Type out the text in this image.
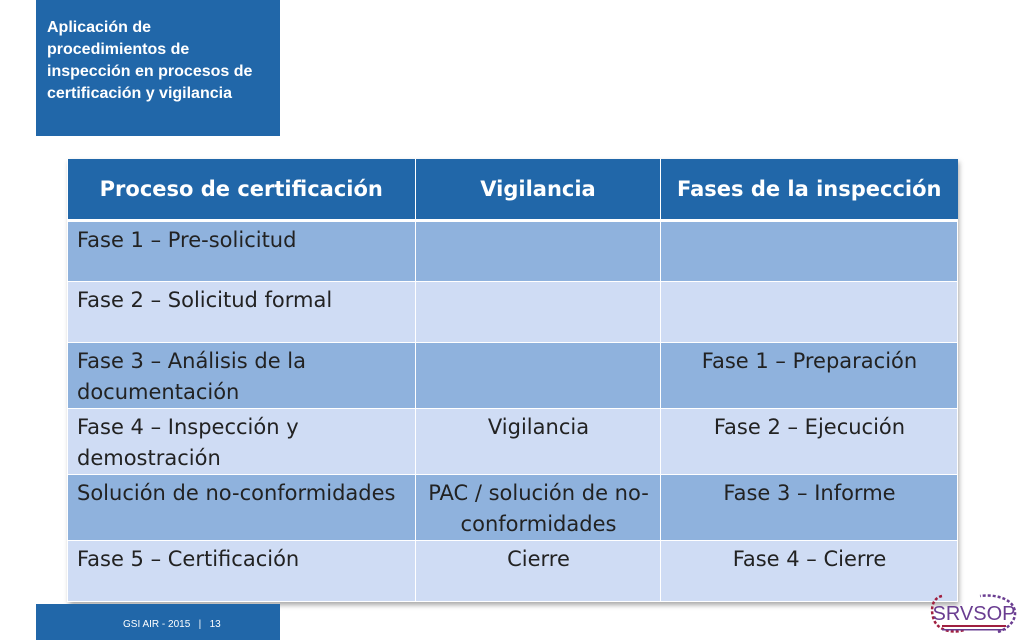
Aplicación de procedimientos de inspección en procesos de certificación y vigilancia
Proceso de certificación	Vigilancia	Fases de la inspección
Fase 1 – Pre-solicitud		
Fase 2 – Solicitud formal		
Fase 3 – Análisis de la documentación		Fase 1 – Preparación
Fase 4 – Inspección y demostración	Vigilancia	Fase 2 – Ejecución
Solución de no-conformidades	PAC / solución de no-conformidades	Fase 3 – Informe
Fase 5 – Certificación	Cierre	Fase 4 – Cierre
GSI AIR - 2015 | 13	SRVSOP
